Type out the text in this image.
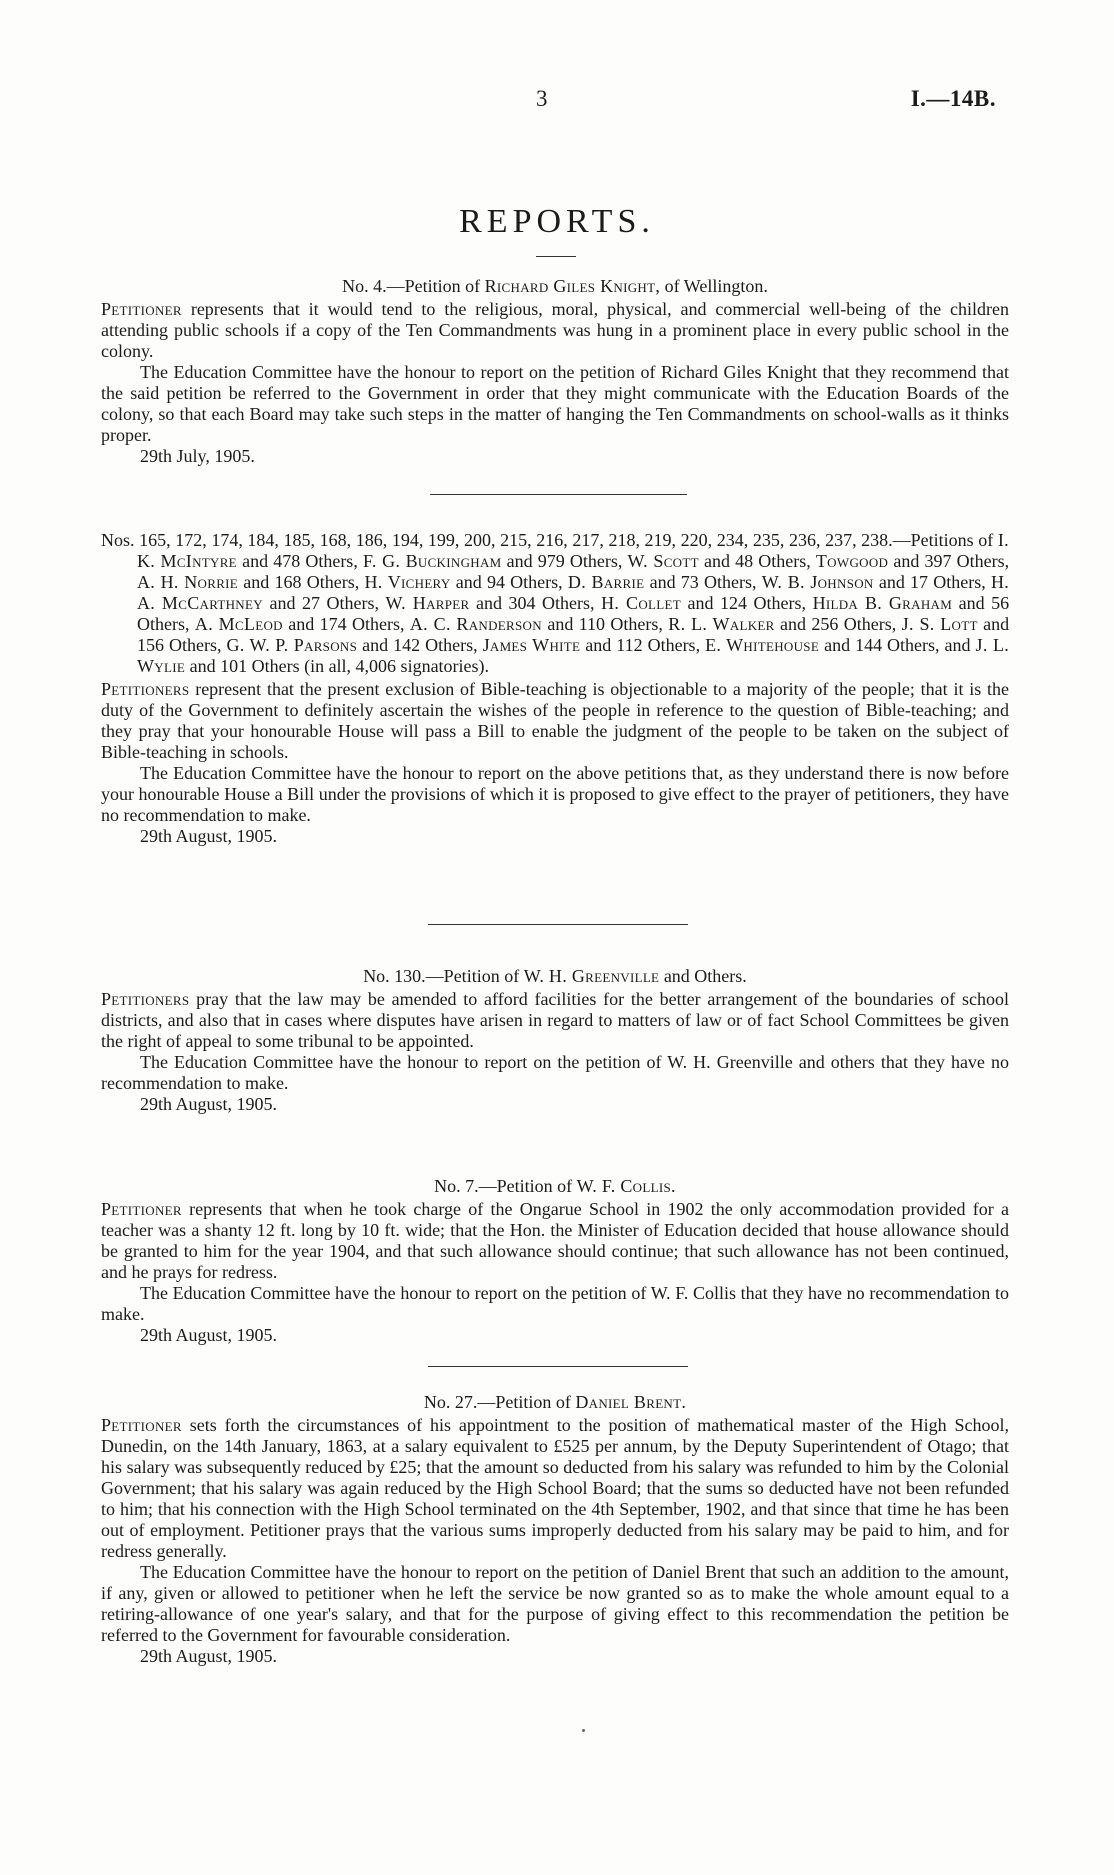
3	I.—14B.
REPORTS.
No. 4.—Petition of Richard Giles Knight, of Wellington.
Petitioner represents that it would tend to the religious, moral, physical, and commercial well-being of the children attending public schools if a copy of the Ten Commandments was hung in a prominent place in every public school in the colony.
The Education Committee have the honour to report on the petition of Richard Giles Knight that they recommend that the said petition be referred to the Government in order that they might communicate with the Education Boards of the colony, so that each Board may take such steps in the matter of hanging the Ten Commandments on school-walls as it thinks proper.
29th July, 1905.
Nos. 165, 172, 174, 184, 185, 168, 186, 194, 199, 200, 215, 216, 217, 218, 219, 220, 234, 235, 236, 237, 238.—Petitions of I. K. McIntyre and 478 Others, F. G. Buckingham and 979 Others, W. Scott and 48 Others, Towgood and 397 Others, A. H. Norrie and 168 Others, H. Vichery and 94 Others, D. Barrie and 73 Others, W. B. Johnson and 17 Others, H. A. McCarthney and 27 Others, W. Harper and 304 Others, H. Collet and 124 Others, Hilda B. Graham and 56 Others, A. McLeod and 174 Others, A. C. Randerson and 110 Others, R. L. Walker and 256 Others, J. S. Lott and 156 Others, G. W. P. Parsons and 142 Others, James White and 112 Others, E. Whitehouse and 144 Others, and J. L. Wylie and 101 Others (in all, 4,006 signatories).
Petitioners represent that the present exclusion of Bible-teaching is objectionable to a majority of the people; that it is the duty of the Government to definitely ascertain the wishes of the people in reference to the question of Bible-teaching; and they pray that your honourable House will pass a Bill to enable the judgment of the people to be taken on the subject of Bible-teaching in schools.
The Education Committee have the honour to report on the above petitions that, as they understand there is now before your honourable House a Bill under the provisions of which it is proposed to give effect to the prayer of petitioners, they have no recommendation to make.
29th August, 1905.
No. 130.—Petition of W. H. Greenville and Others.
Petitioners pray that the law may be amended to afford facilities for the better arrangement of the boundaries of school districts, and also that in cases where disputes have arisen in regard to matters of law or of fact School Committees be given the right of appeal to some tribunal to be appointed.
The Education Committee have the honour to report on the petition of W. H. Greenville and others that they have no recommendation to make.
29th August, 1905.
No. 7.—Petition of W. F. Collis.
Petitioner represents that when he took charge of the Ongarue School in 1902 the only accommodation provided for a teacher was a shanty 12 ft. long by 10 ft. wide; that the Hon. the Minister of Education decided that house allowance should be granted to him for the year 1904, and that such allowance should continue; that such allowance has not been continued, and he prays for redress.
The Education Committee have the honour to report on the petition of W. F. Collis that they have no recommendation to make.
29th August, 1905.
No. 27.—Petition of Daniel Brent.
Petitioner sets forth the circumstances of his appointment to the position of mathematical master of the High School, Dunedin, on the 14th January, 1863, at a salary equivalent to £525 per annum, by the Deputy Superintendent of Otago; that his salary was subsequently reduced by £25; that the amount so deducted from his salary was refunded to him by the Colonial Government; that his salary was again reduced by the High School Board; that the sums so deducted have not been refunded to him; that his connection with the High School terminated on the 4th September, 1902, and that since that time he has been out of employment. Petitioner prays that the various sums improperly deducted from his salary may be paid to him, and for redress generally.
The Education Committee have the honour to report on the petition of Daniel Brent that such an addition to the amount, if any, given or allowed to petitioner when he left the service be now granted so as to make the whole amount equal to a retiring-allowance of one year's salary, and that for the purpose of giving effect to this recommendation the petition be referred to the Government for favourable consideration.
29th August, 1905.
